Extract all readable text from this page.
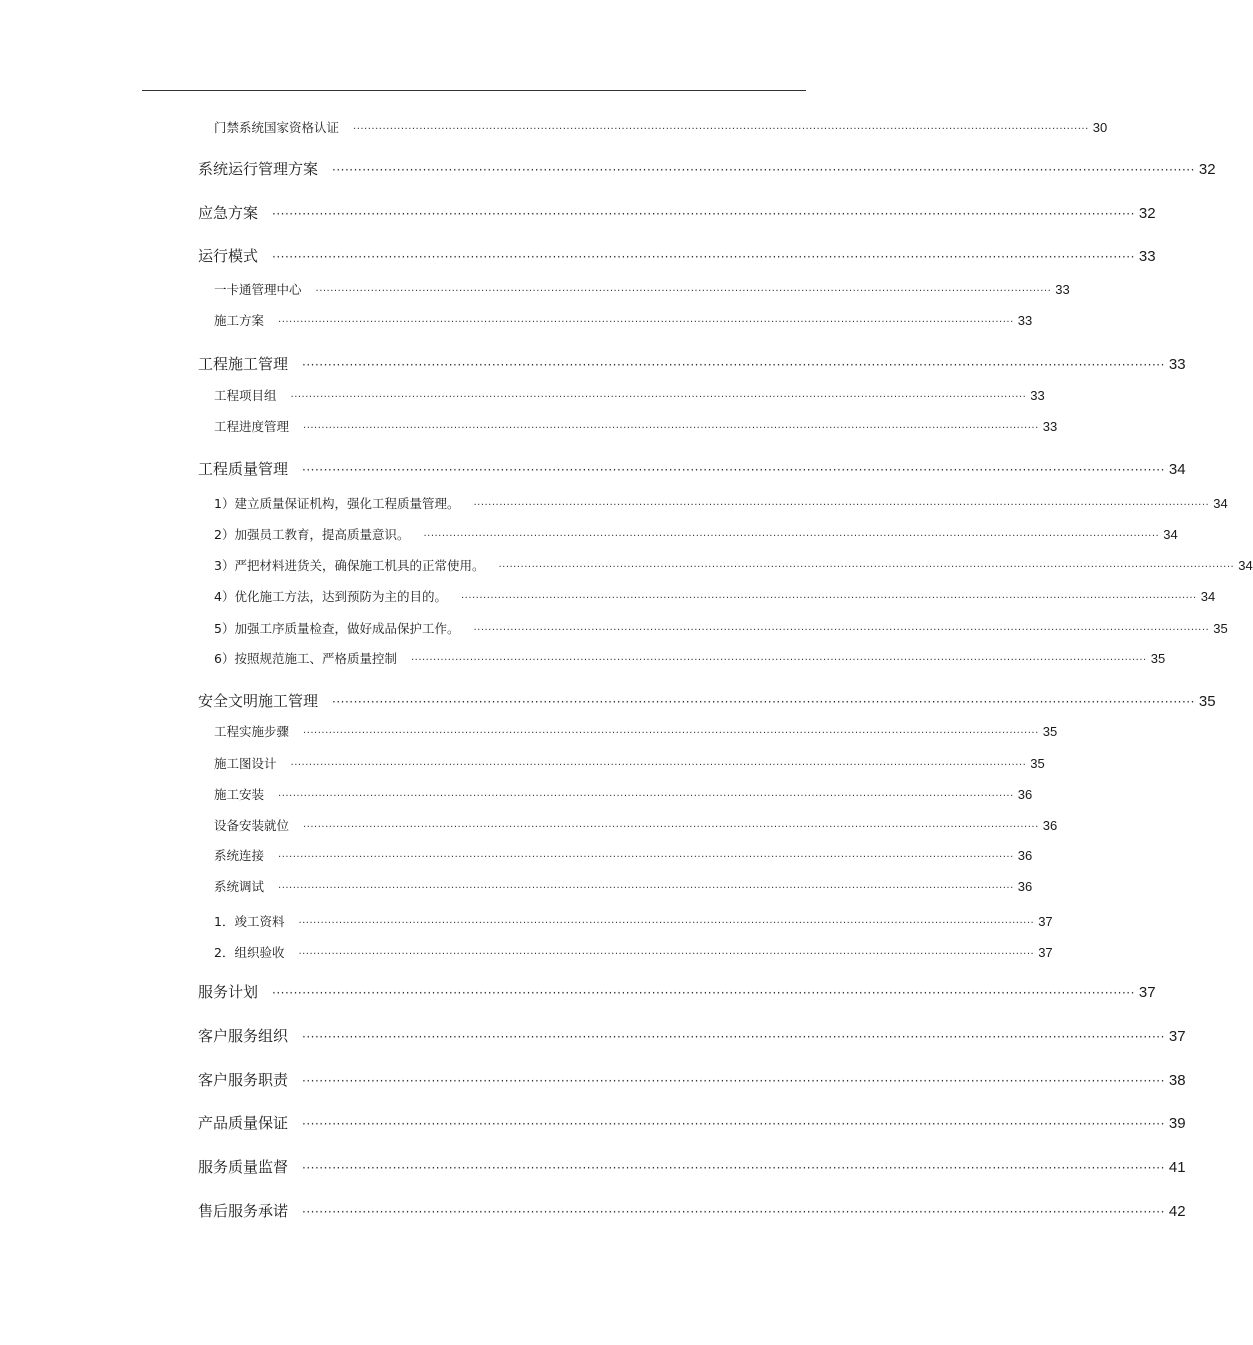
门禁系统国家资格认证 ········································································································································································································ 30
系统运行管理方案 ········································································································································································································ 32
应急方案 ········································································································································································································ 32
运行模式 ········································································································································································································ 33
一卡通管理中心 ········································································································································································································ 33
施工方案 ········································································································································································································ 33
工程施工管理 ········································································································································································································ 33
工程项目组 ········································································································································································································ 33
工程进度管理 ········································································································································································································ 33
工程质量管理 ········································································································································································································ 34
1）建立质量保证机构，强化工程质量管理。 ········································································································································································································ 34
2）加强员工教育，提高质量意识。 ········································································································································································································ 34
3）严把材料进货关，确保施工机具的正常使用。 ········································································································································································································ 34
4）优化施工方法，达到预防为主的目的。 ········································································································································································································ 34
5）加强工序质量检查，做好成品保护工作。 ········································································································································································································ 35
6）按照规范施工、严格质量控制 ········································································································································································································ 35
安全文明施工管理 ········································································································································································································ 35
工程实施步骤 ········································································································································································································ 35
施工图设计 ········································································································································································································ 35
施工安装 ········································································································································································································ 36
设备安装就位 ········································································································································································································ 36
系统连接 ········································································································································································································ 36
系统调试 ········································································································································································································ 36
1．竣工资料 ········································································································································································································ 37
2．组织验收 ········································································································································································································ 37
服务计划 ········································································································································································································ 37
客户服务组织 ········································································································································································································ 37
客户服务职责 ········································································································································································································ 38
产品质量保证 ········································································································································································································ 39
服务质量监督 ········································································································································································································ 41
售后服务承诺 ········································································································································································································ 42
